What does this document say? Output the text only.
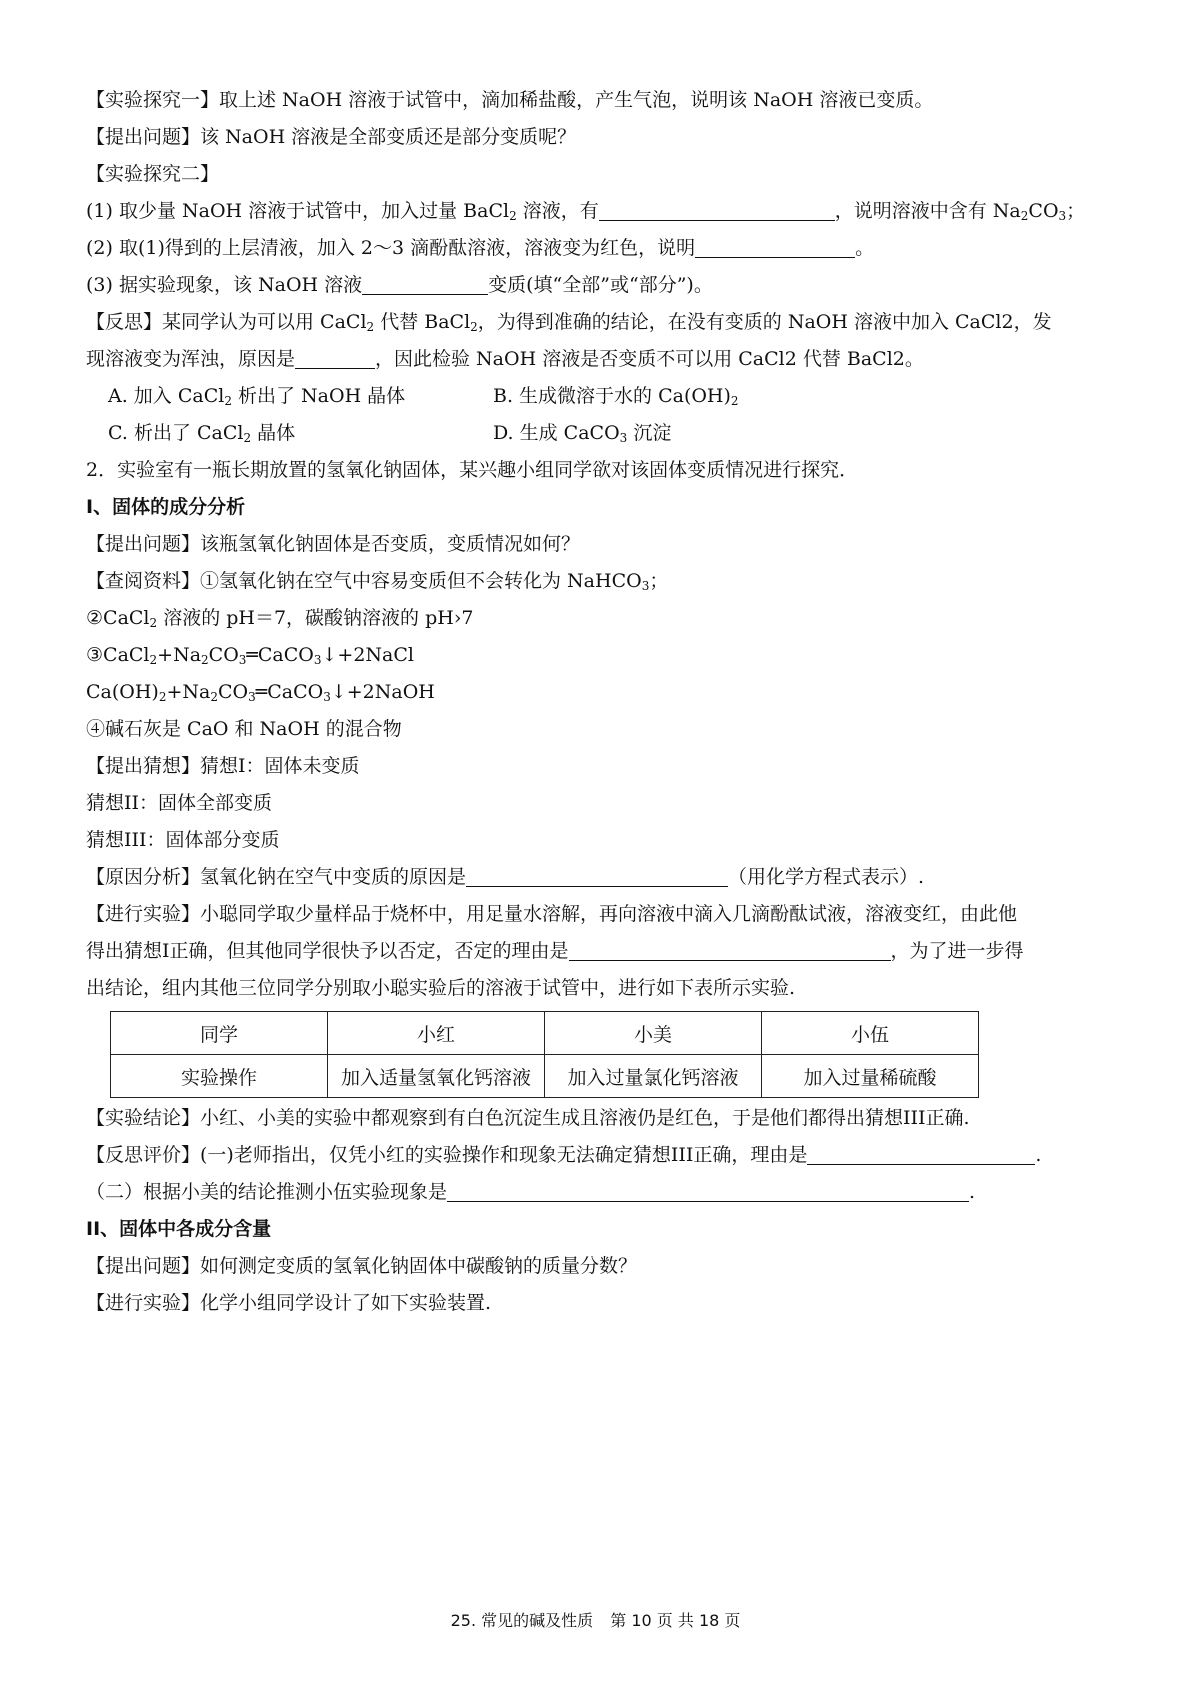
【实验探究一】取上述 NaOH 溶液于试管中，滴加稀盐酸，产生气泡，说明该 NaOH 溶液已变质。
【提出问题】该 NaOH 溶液是全部变质还是部分变质呢？
【实验探究二】
(1) 取少量 NaOH 溶液于试管中，加入过量 BaCl$_2$ 溶液，有	，说明溶液中含有 $Na_2CO_3$；
(2) 取(1)得到的上层清液，加入 2～3 滴酚酞溶液，溶液变为红色，说明	。
(3) 据实验现象，该 NaOH 溶液	变质(填“全部”或“部分”)。
【反思】某同学认为可以用 CaCl$_2$ 代替 BaCl$_2$，为得到准确的结论，在没有变质的 NaOH 溶液中加入 CaCl2，发
现溶液变为浑浊，原因是	，因此检验 NaOH 溶液是否变质不可以用 CaCl2 代替 BaCl2。
A. 加入 CaCl$_2$ 析出了 NaOH 晶体	B. 生成微溶于水的 $Ca(OH)_2$
C. 析出了 CaCl$_2$ 晶体	D. 生成 CaCO$_3$ 沉淀
2．实验室有一瓶长期放置的氢氧化钠固体，某兴趣小组同学欲对该固体变质情况进行探究．
I、固体的成分分析
【提出问题】该瓶氢氧化钠固体是否变质，变质情况如何？
【查阅资料】①氢氧化钠在空气中容易变质但不会转化为 NaHCO$_3$；
②CaCl$_2$ 溶液的 pH＝7，碳酸钠溶液的 pH›7
$③CaCl_2+Na_2CO_3═CaCO_3↓+2NaCl$
$Ca(OH)_2+Na_2CO_3═CaCO_3↓+2NaOH$
④碱石灰是 CaO 和 NaOH 的混合物
【提出猜想】猜想I：固体未变质
猜想II：固体全部变质
猜想III：固体部分变质
【原因分析】氢氧化钠在空气中变质的原因是	（用化学方程式表示）.
【进行实验】小聪同学取少量样品于烧杯中，用足量水溶解，再向溶液中滴入几滴酚酞试液，溶液变红，由此他
得出猜想I正确，但其他同学很快予以否定，否定的理由是	，为了进一步得
出结论，组内其他三位同学分别取小聪实验后的溶液于试管中，进行如下表所示实验.
同学	小红	小美	小伍
实验操作	加入适量氢氧化钙溶液	加入过量氯化钙溶液	加入过量稀硫酸
【实验结论】小红、小美的实验中都观察到有白色沉淀生成且溶液仍是红色，于是他们都得出猜想III正确.
【反思评价】(一)老师指出，仅凭小红的实验操作和现象无法确定猜想III正确，理由是	.
（二）根据小美的结论推测小伍实验现象是	.
II、固体中各成分含量
【提出问题】如何测定变质的氢氧化钠固体中碳酸钠的质量分数？
【进行实验】化学小组同学设计了如下实验装置.
25. 常见的碱及性质 第 10 页 共 18 页
